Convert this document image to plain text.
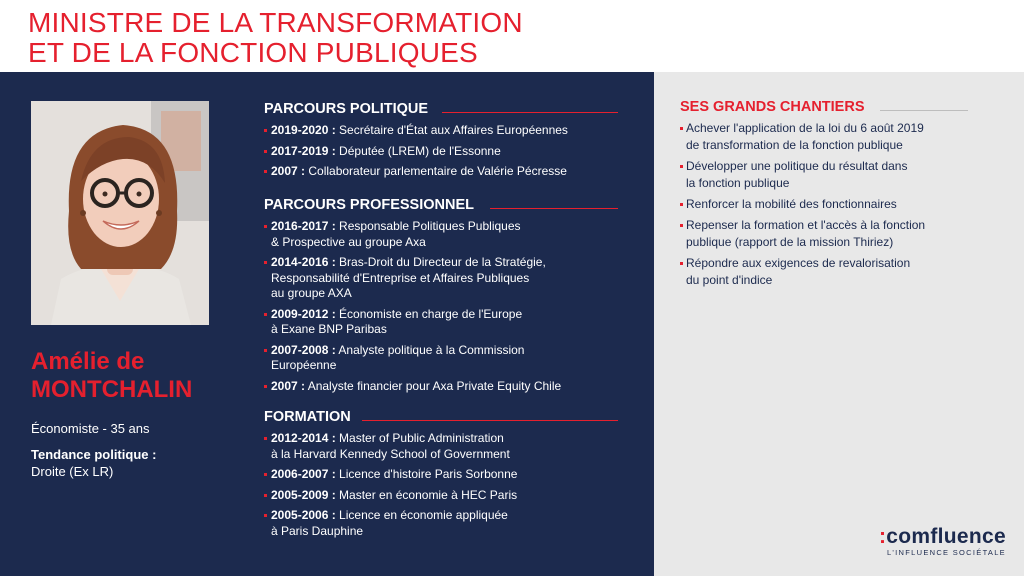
MINISTRE DE LA TRANSFORMATION
ET DE LA FONCTION PUBLIQUES
Amélie de
MONTCHALIN
Économiste - 35 ans
Tendance politique :
Droite (Ex LR)
PARCOURS POLITIQUE
2019-2020 : Secrétaire d'État aux Affaires Européennes
2017-2019 : Députée (LREM) de l'Essonne
2007 : Collaborateur parlementaire de Valérie Pécresse
PARCOURS PROFESSIONNEL
2016-2017 : Responsable Politiques Publiques
& Prospective au groupe Axa
2014-2016 : Bras-Droit du Directeur de la Stratégie,
Responsabilité d'Entreprise et Affaires Publiques
au groupe AXA
2009-2012 : Économiste en charge de l'Europe
à Exane BNP Paribas
2007-2008 : Analyste politique à la Commission
Européenne
2007 : Analyste financier pour Axa Private Equity Chile
FORMATION
2012-2014 : Master of Public Administration
à la Harvard Kennedy School of Government
2006-2007 : Licence d'histoire Paris Sorbonne
2005-2009 : Master en économie à HEC Paris
2005-2006 : Licence en économie appliquée
à Paris Dauphine
SES GRANDS CHANTIERS
Achever l'application de la loi du 6 août 2019
de transformation de la fonction publique
Développer une politique du résultat dans
la fonction publique
Renforcer la mobilité des fonctionnaires
Repenser la formation et l'accès à la fonction
publique (rapport de la mission Thiriez)
Répondre aux exigences de revalorisation
du point d'indice
:comfluence
L'INFLUENCE SOCIÉTALE
